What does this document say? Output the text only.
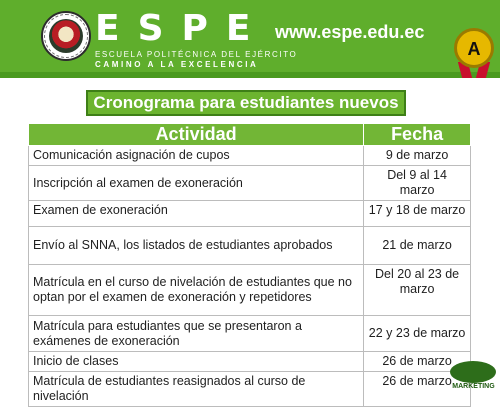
ESPE
ESCUELA POLITÉCNICA DEL EJÉRCITO
CAMINO A LA EXCELENCIA
www.espe.edu.ec
A
Cronograma para estudiantes nuevos
Actividad	Fecha
Comunicación asignación de cupos	9 de marzo
Inscripción al examen de exoneración	Del 9 al 14 marzo
Examen de exoneración	17 y 18 de marzo
Envío al SNNA, los listados de estudiantes aprobados	21 de marzo
Matrícula en el curso de nivelación de estudiantes que no optan por el examen de exoneración y repetidores	Del 20 al 23 de marzo
Matrícula para estudiantes que se presentaron a exámenes de exoneración	22 y 23 de marzo
Inicio de clases	26 de marzo
Matrícula de estudiantes reasignados al curso de nivelación	26 de marzo MARKETING
